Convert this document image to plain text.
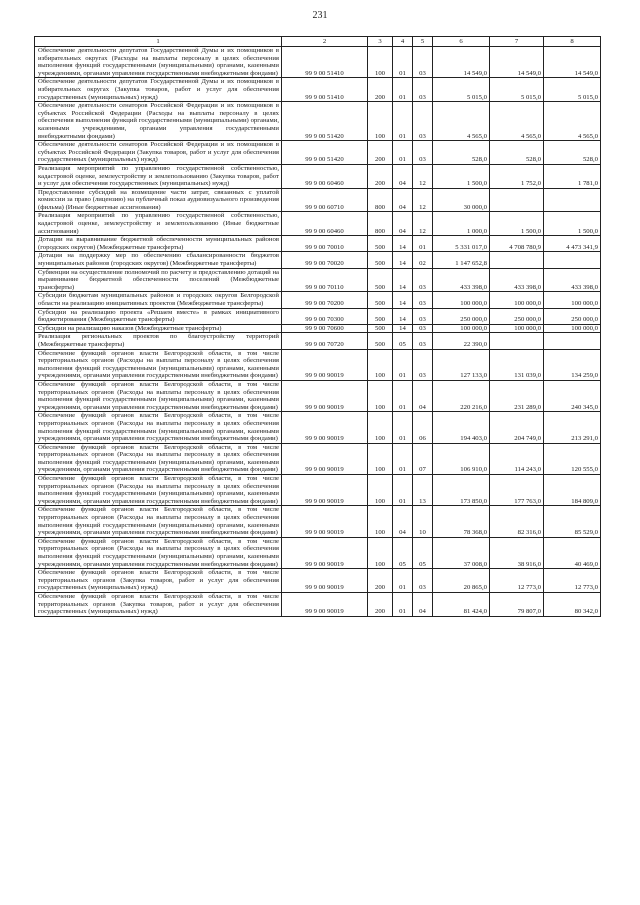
231
1	2	3	4	5	6	7	8
Обеспечение деятельности депутатов Государственной Думы и их помощников в избирательных округах (Расходы на выплаты персоналу в целях обеспечения выполнения функций государственными (муниципальными) органами, казенными учреждениями, органами управления государственными внебюджетными фондами)	99 9 00 51410	100	01	03	14 549,0	14 549,0	14 549,0
Обеспечение деятельности депутатов Государственной Думы и их помощников в избирательных округах (Закупка товаров, работ и услуг для обеспечения государственных (муниципальных) нужд)	99 9 00 51410	200	01	03	5 015,0	5 015,0	5 015,0
Обеспечение деятельности сенаторов Российской Федерации и их помощников в субъектах Российской Федерации (Расходы на выплаты персоналу в целях обеспечения выполнения функций государственными (муниципальными) органами, казенными учреждениями, органами управления государственными внебюджетными фондами)	99 9 00 51420	100	01	03	4 565,0	4 565,0	4 565,0
Обеспечение деятельности сенаторов Российской Федерации и их помощников в субъектах Российской Федерации (Закупка товаров, работ и услуг для обеспечения государственных (муниципальных) нужд)	99 9 00 51420	200	01	03	528,0	528,0	528,0
Реализация мероприятий по управлению государственной собственностью, кадастровой оценке, землеустройству и землепользованию (Закупка товаров, работ и услуг для обеспечения государственных (муниципальных) нужд)	99 9 00 60460	200	04	12	1 500,0	1 752,0	1 781,0
Предоставление субсидий на возмещение части затрат, связанных с уплатой комиссии за право (лицензию) на публичный показ аудиовизуального произведения (фильма) (Иные бюджетные ассигнования)	99 9 00 60710	800	04	12	30 000,0		
Реализация мероприятий по управлению государственной собственностью, кадастровой оценке, землеустройству и землепользованию (Иные бюджетные ассигнования)	99 9 00 60460	800	04	12	1 000,0	1 500,0	1 500,0
Дотации на выравнивание бюджетной обеспеченности муниципальных районов (городских округов) (Межбюджетные трансферты)	99 9 00 70010	500	14	01	5 331 017,0	4 708 780,9	4 473 341,9
Дотация на поддержку мер по обеспечению сбалансированности бюджетов муниципальных районов (городских округов) (Межбюджетные трансферты)	99 9 00 70020	500	14	02	1 147 652,8		
Субвенции на осуществление полномочий по расчету и предоставлению дотаций на выравнивание бюджетной обеспеченности поселений (Межбюджетные трансферты)	99 9 00 70110	500	14	03	433 398,0	433 398,0	433 398,0
Субсидии бюджетам муниципальных районов и городских округов Белгородской области на реализацию инициативных проектов (Межбюджетные трансферты)	99 9 00 70200	500	14	03	100 000,0	100 000,0	100 000,0
Субсидии на реализацию проекта «Решаем вместе» в рамках инициативного бюджетирования (Межбюджетные трансферты)	99 9 00 70300	500	14	03	250 000,0	250 000,0	250 000,0
Субсидии на реализацию наказов (Межбюджетные трансферты)	99 9 00 70600	500	14	03	100 000,0	100 000,0	100 000,0
Реализация региональных проектов по благоустройству территорий (Межбюджетные трансферты)	99 9 00 70720	500	05	03	22 390,0		
Обеспечение функций органов власти Белгородской области, в том числе территориальных органов (Расходы на выплаты персоналу в целях обеспечения выполнения функций государственными (муниципальными) органами, казенными учреждениями, органами управления государственными внебюджетными фондами)	99 9 00 90019	100	01	03	127 133,0	131 039,0	134 259,0
Обеспечение функций органов власти Белгородской области, в том числе территориальных органов (Расходы на выплаты персоналу в целях обеспечения выполнения функций государственными (муниципальными) органами, казенными учреждениями, органами управления государственными внебюджетными фондами)	99 9 00 90019	100	01	04	220 216,0	231 289,0	240 345,0
Обеспечение функций органов власти Белгородской области, в том числе территориальных органов (Расходы на выплаты персоналу в целях обеспечения выполнения функций государственными (муниципальными) органами, казенными учреждениями, органами управления государственными внебюджетными фондами)	99 9 00 90019	100	01	06	194 403,0	204 749,0	213 291,0
Обеспечение функций органов власти Белгородской области, в том числе территориальных органов (Расходы на выплаты персоналу в целях обеспечения выполнения функций государственными (муниципальными) органами, казенными учреждениями, органами управления государственными внебюджетными фондами)	99 9 00 90019	100	01	07	106 910,0	114 243,0	120 555,0
Обеспечение функций органов власти Белгородской области, в том числе территориальных органов (Расходы на выплаты персоналу в целях обеспечения выполнения функций государственными (муниципальными) органами, казенными учреждениями, органами управления государственными внебюджетными фондами)	99 9 00 90019	100	01	13	173 850,0	177 763,0	184 809,0
Обеспечение функций органов власти Белгородской области, в том числе территориальных органов (Расходы на выплаты персоналу в целях обеспечения выполнения функций государственными (муниципальными) органами, казенными учреждениями, органами управления государственными внебюджетными фондами)	99 9 00 90019	100	04	10	78 368,0	82 316,0	85 529,0
Обеспечение функций органов власти Белгородской области, в том числе территориальных органов (Расходы на выплаты персоналу в целях обеспечения выполнения функций государственными (муниципальными) органами, казенными учреждениями, органами управления государственными внебюджетными фондами)	99 9 00 90019	100	05	05	37 008,0	38 916,0	40 469,0
Обеспечение функций органов власти Белгородской области, в том числе территориальных органов (Закупка товаров, работ и услуг для обеспечения государственных (муниципальных) нужд)	99 9 00 90019	200	01	03	20 865,0	12 773,0	12 773,0
Обеспечение функций органов власти Белгородской области, в том числе территориальных органов (Закупка товаров, работ и услуг для обеспечения государственных (муниципальных) нужд)	99 9 00 90019	200	01	04	81 424,0	79 807,0	80 342,0
